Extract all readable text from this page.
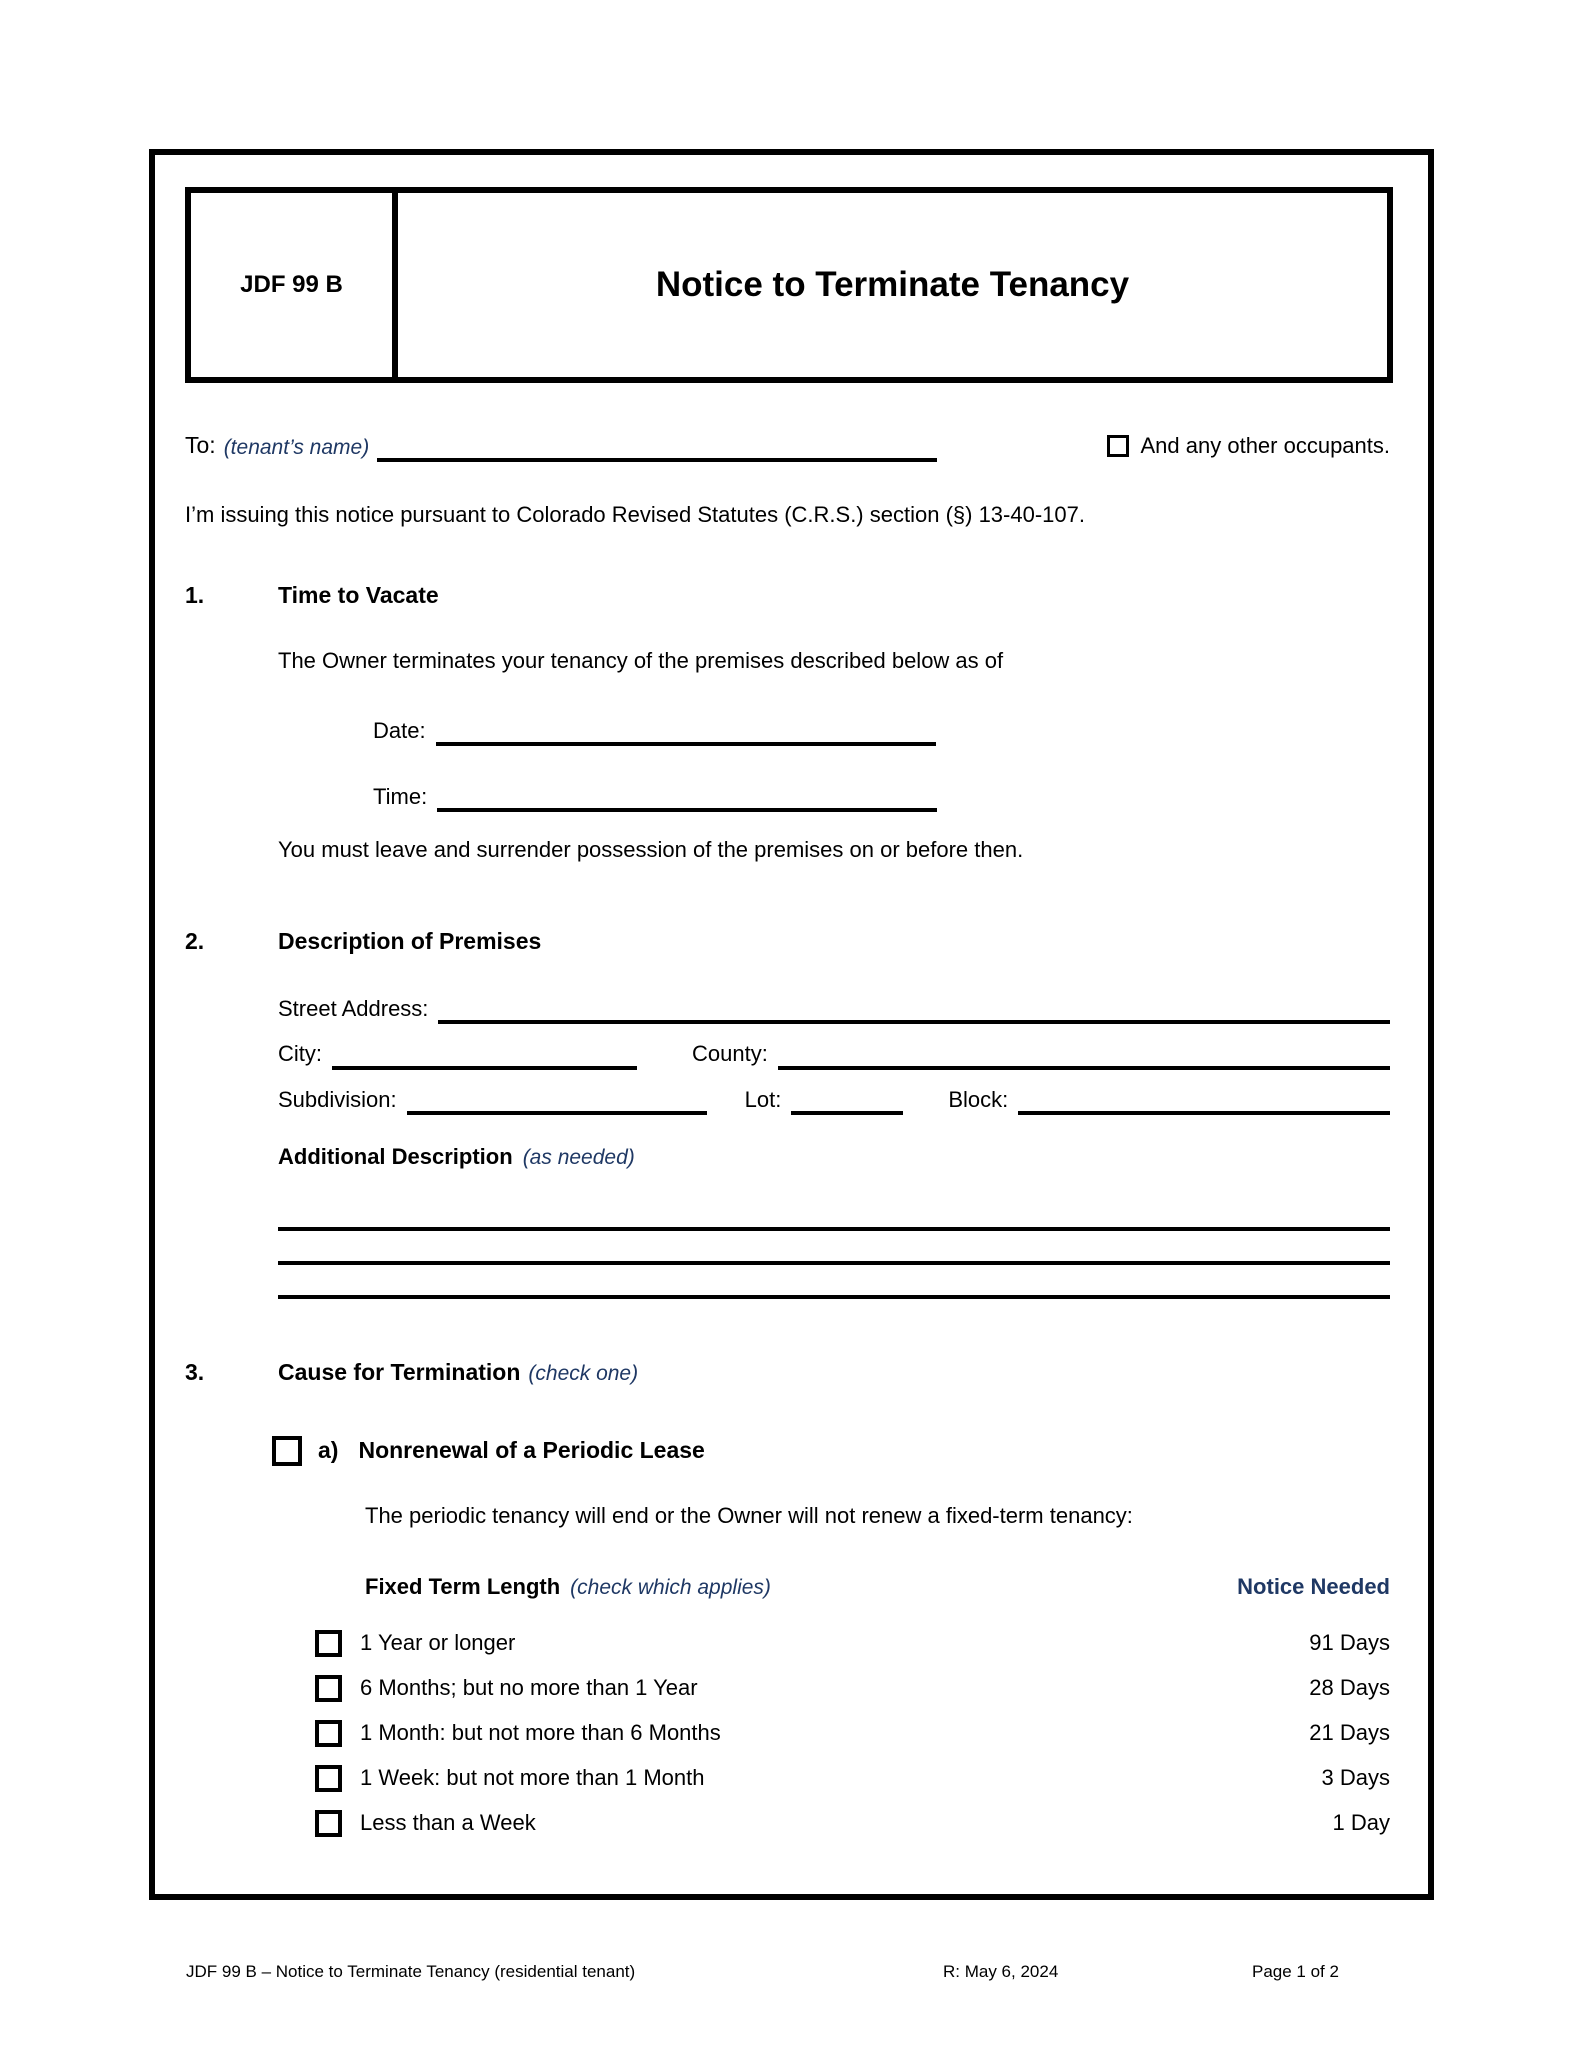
JDF 99 B	Notice to Terminate Tenancy
To: (tenant’s name)	And any other occupants.

I’m issuing this notice pursuant to Colorado Revised Statutes (C.R.S.) section (§) 13-40-107.

1.	Time to Vacate

The Owner terminates your tenancy of the premises described below as of

Date:
Time:

You must leave and surrender possession of the premises on or before then.

2.	Description of Premises
Street Address:
City:	County:
Subdivision:	Lot:	Block:
Additional Description (as needed)
3.	Cause for Termination (check one)
a) Nonrenewal of a Periodic Lease

The periodic tenancy will end or the Owner will not renew a fixed-term tenancy:

Fixed Term Length (check which applies)	Notice Needed
1 Year or longer	91 Days
6 Months; but no more than 1 Year	28 Days
1 Month: but not more than 6 Months	21 Days
1 Week: but not more than 1 Month	3 Days
Less than a Week	1 Day
JDF 99 B – Notice to Terminate Tenancy (residential tenant)	R: May 6, 2024	Page 1 of 2
